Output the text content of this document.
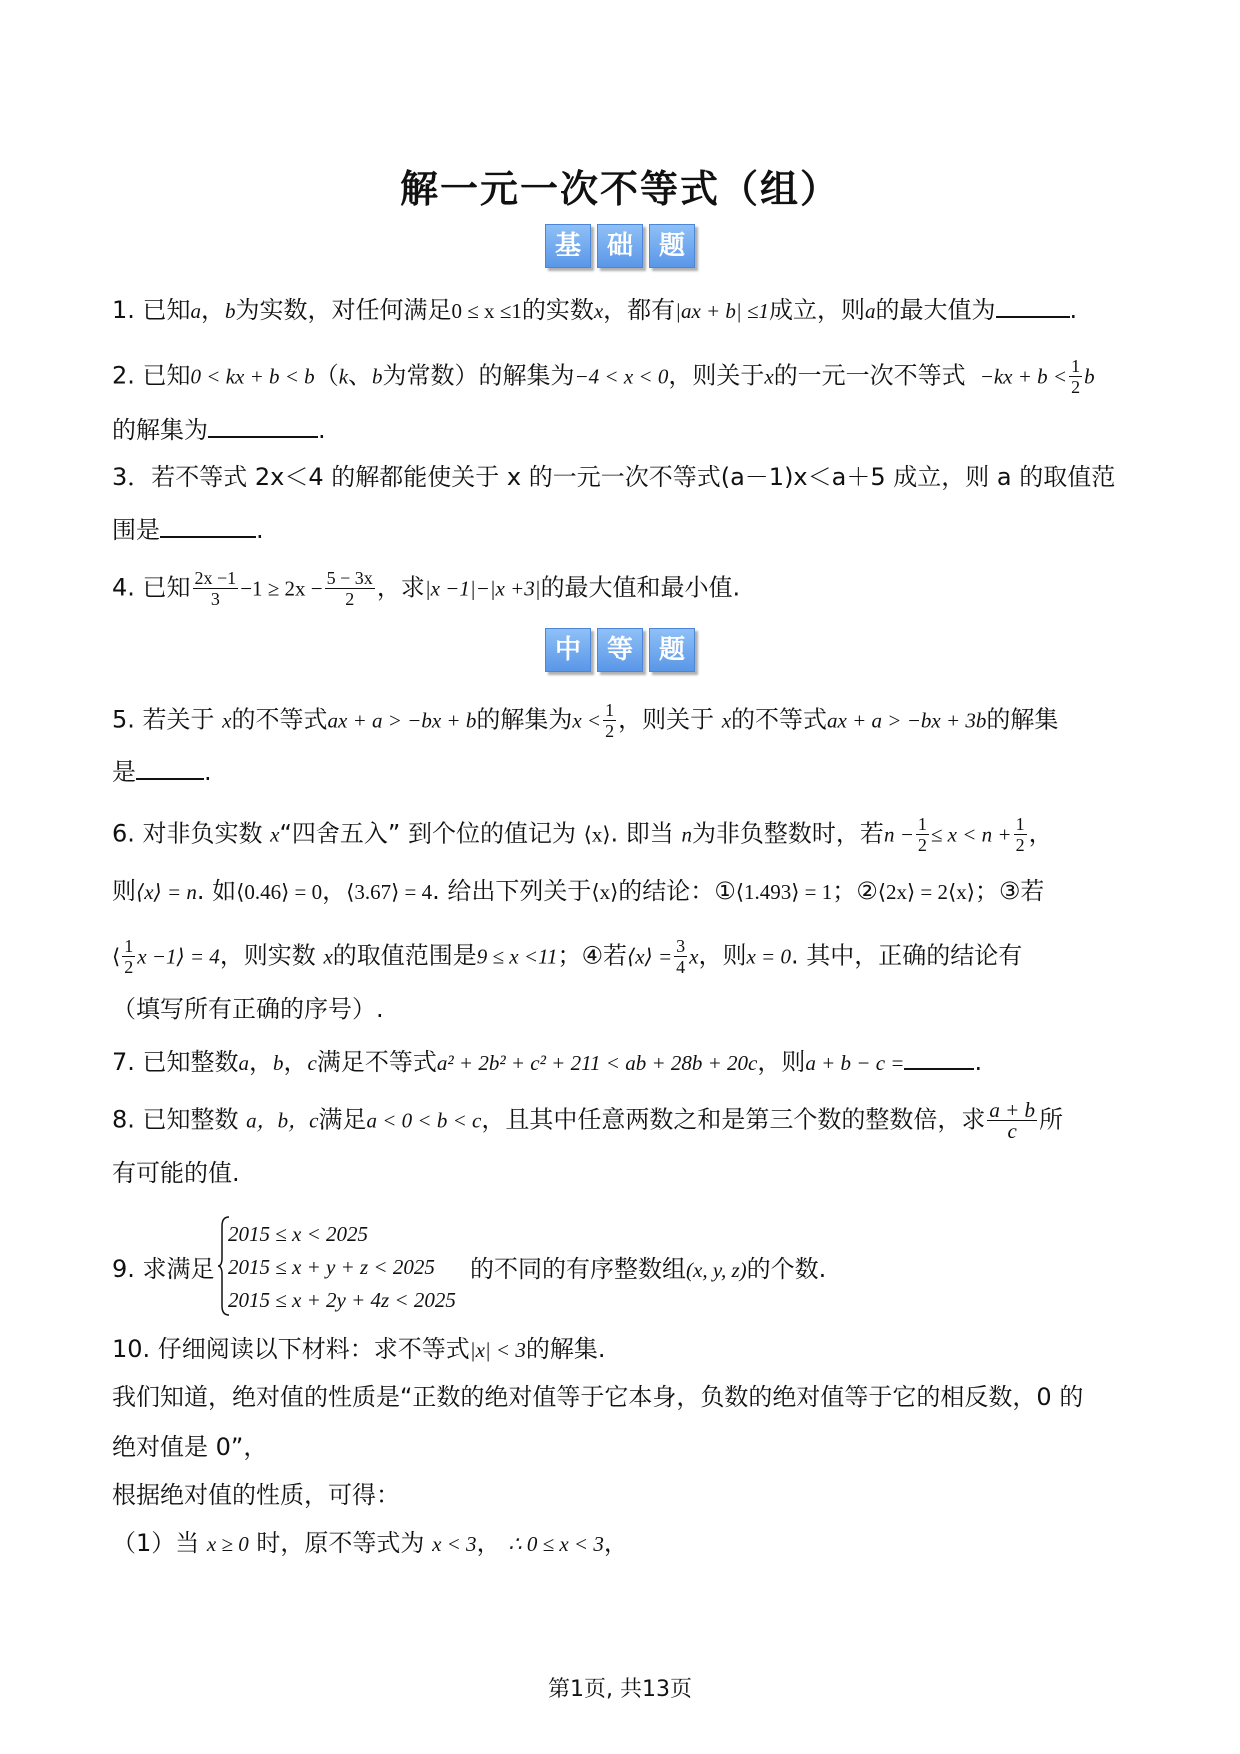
解一元一次不等式（组）
基 础 题
1. 已知a，b为实数，对任何满足0 ≤ x ≤1的实数x，都有|ax + b| ≤1成立，则a的最大值为	.
2. 已知0 < kx + b < b（k、b为常数）的解集为−4 < x < 0，则关于x的一元一次不等式 $-kx + b < \frac{1}{2}$ b
的解集为	.
3．若不等式 2x＜4 的解都能使关于 x 的一元一次不等式(a－1)x＜a＋5 成立，则 a 的取值范
围是	.
4. 已知 $\frac{2x -1}{3} -1 \ge 2x - \frac{5 - 3x}{2}$ ，求|x −1|−|x +3|的最大值和最小值.
中 等 题
5. 若关于 x的不等式ax + a > −bx + b的解集为$x < \frac{1}{2}$ ，则关于 x的不等式ax + a > −bx + 3b的解集
是	.
6. 对非负实数 x“四舍五入” 到个位的值记为 ⟨x⟩. 即当 n为非负整数时，若$n - \frac{1}{2} \le x < n + \frac{1}{2}$ ，
则⟨x⟩ = n. 如⟨0.46⟩ = 0，⟨3.67⟩ = 4. 给出下列关于⟨x⟩的结论：①⟨1.493⟩ = 1；②⟨2x⟩ = 2⟨x⟩；③若
⟨ $\frac{1}{2}$ x −1⟩ = 4，则实数 x的取值范围是9 ≤ x <11；④若⟨x⟩ = $\frac{3}{4}$ x，则x = 0. 其中，正确的结论有
（填写所有正确的序号）.
7. 已知整数a，b，c满足不等式a² + 2b² + c² + 211 < ab + 28b + 20c，则a + b − c =	.
8. 已知整数 a，b，c满足a < 0 < b < c，且其中任意两数之和是第三个数的整数倍，求 $\frac{a + b}{c}$ 所
有可能的值.
9. 求满足
2015 ≤ x < 2025
2015 ≤ x + y + z < 2025
2015 ≤ x + 2y + 4z < 2025
的不同的有序整数组(x, y, z)的个数.
10. 仔细阅读以下材料：求不等式|x| < 3的解集.
我们知道，绝对值的性质是“正数的绝对值等于它本身，负数的绝对值等于它的相反数，0 的
绝对值是 0”，
根据绝对值的性质，可得：
（1）当 x ≥ 0 时，原不等式为 x < 3， ∴ 0 ≤ x < 3，
第1页, 共13页
